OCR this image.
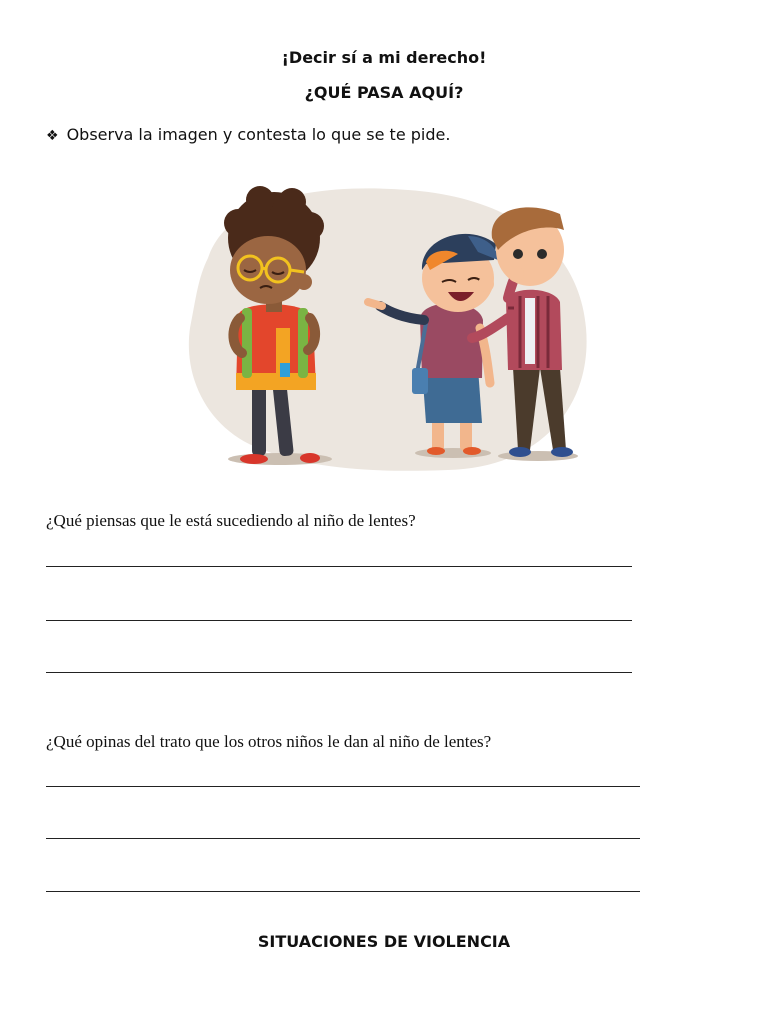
¡Decir sí a mi derecho!
¿QUÉ PASA AQUÍ?
❖ Observa la imagen y contesta lo que se te pide.
¿Qué piensas que le está sucediendo al niño de lentes?
¿Qué opinas del trato que los otros niños le dan al niño de lentes?
SITUACIONES DE VIOLENCIA
